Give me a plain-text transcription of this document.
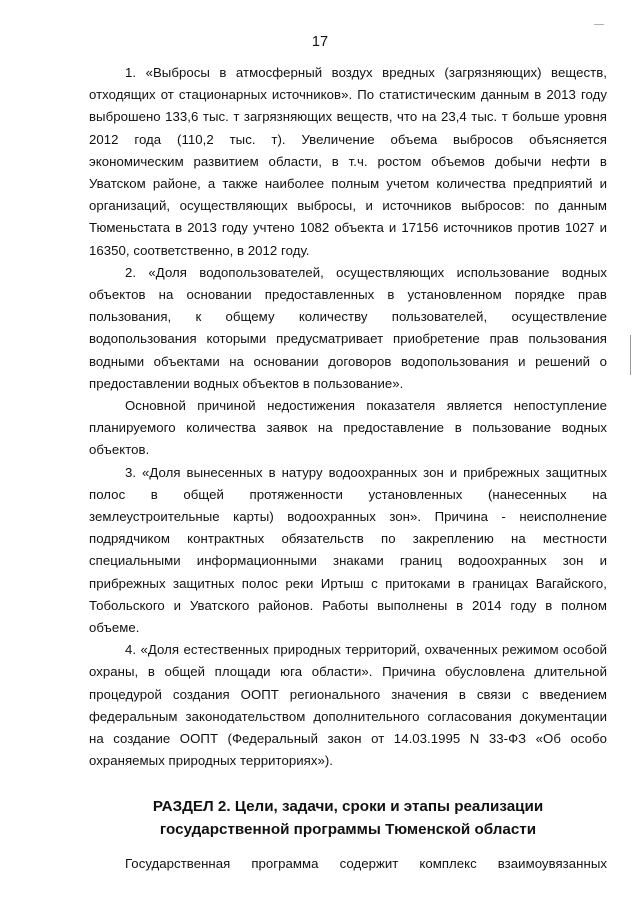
17

1. «Выбросы в атмосферный воздух вредных (загрязняющих) веществ, отходящих от стационарных источников». По статистическим данным в 2013 году выброшено 133,6 тыс. т загрязняющих веществ, что на 23,4 тыс. т больше уровня 2012 года (110,2 тыс. т). Увеличение объема выбросов объясняется экономическим развитием области, в т.ч. ростом объемов добычи нефти в Уватском районе, а также наиболее полным учетом количества предприятий и организаций, осуществляющих выбросы, и источников выбросов: по данным Тюменьстата в 2013 году учтено 1082 объекта и 17156 источников против 1027 и 16350, соответственно, в 2012 году.

2. «Доля водопользователей, осуществляющих использование водных объектов на основании предоставленных в установленном порядке прав пользования, к общему количеству пользователей, осуществление водопользования которыми предусматривает приобретение прав пользования водными объектами на основании договоров водопользования и решений о предоставлении водных объектов в пользование».

Основной причиной недостижения показателя является непоступление планируемого количества заявок на предоставление в пользование водных объектов.

3. «Доля вынесенных в натуру водоохранных зон и прибрежных защитных полос в общей протяженности установленных (нанесенных на землеустроительные карты) водоохранных зон». Причина - неисполнение подрядчиком контрактных обязательств по закреплению на местности специальными информационными знаками границ водоохранных зон и прибрежных защитных полос реки Иртыш с притоками в границах Вагайского, Тобольского и Уватского районов. Работы выполнены в 2014 году в полном объеме.

4. «Доля естественных природных территорий, охваченных режимом особой охраны, в общей площади юга области». Причина обусловлена длительной процедурой создания ООПТ регионального значения в связи с введением федеральным законодательством дополнительного согласования документации на создание ООПТ (Федеральный закон от 14.03.1995 N 33-ФЗ «Об особо охраняемых природных территориях»).

РАЗДЕЛ 2. Цели, задачи, сроки и этапы реализации
государственной программы Тюменской области

Государственная программа содержит комплекс взаимоувязанных
